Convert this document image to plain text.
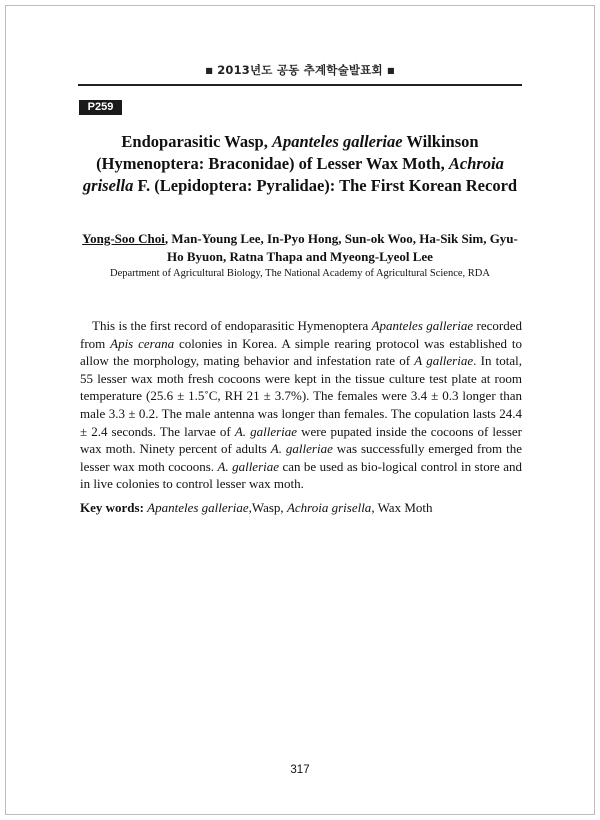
■ 2013년도 공동 추계학술발표회 ■
P259
Endoparasitic Wasp, Apanteles galleriae Wilkinson (Hymenoptera: Braconidae) of Lesser Wax Moth, Achroia grisella F. (Lepidoptera: Pyralidae): The First Korean Record
Yong-Soo Choi, Man-Young Lee, In-Pyo Hong, Sun-ok Woo, Ha-Sik Sim, Gyu-Ho Byuon, Ratna Thapa and Myeong-Lyeol Lee
Department of Agricultural Biology, The National Academy of Agricultural Science, RDA

This is the first record of endoparasitic Hymenoptera Apanteles galleriae recorded from Apis cerana colonies in Korea. A simple rearing protocol was established to allow the morphology, mating behavior and infestation rate of A galleriae. In total, 55 lesser wax moth fresh cocoons were kept in the tissue culture test plate at room temperature (25.6 ± 1.5˚C, RH 21 ± 3.7%). The females were 3.4 ± 0.3 longer than male 3.3 ± 0.2. The male antenna was longer than females. The copulation lasts 24.4 ± 2.4 seconds. The larvae of A. galleriae were pupated inside the cocoons of lesser wax moth. Ninety percent of adults A. galleriae was successfully emerged from the lesser wax moth cocoons. A. galleriae can be used as bio-logical control in store and in live colonies to control lesser wax moth.

Key words: Apanteles galleriae,Wasp, Achroia grisella, Wax Moth
317
